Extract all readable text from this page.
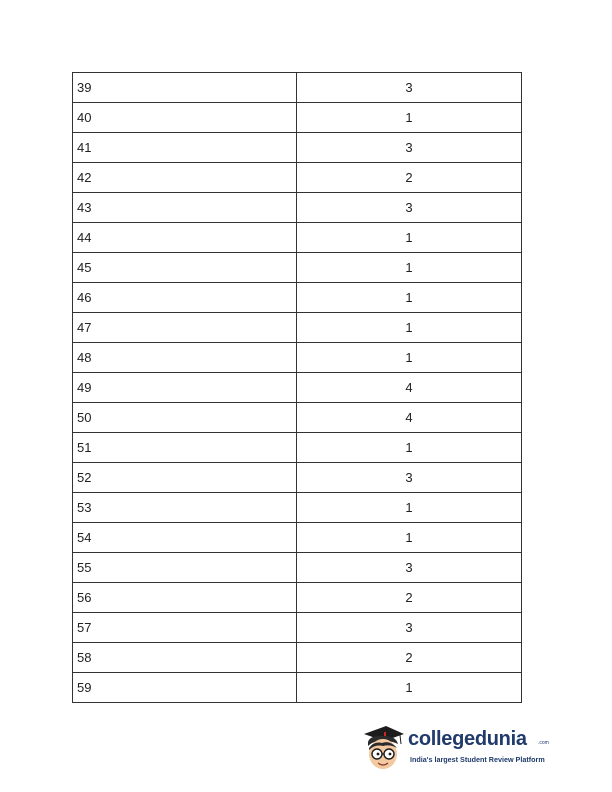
39	3
40	1
41	3
42	2
43	3
44	1
45	1
46	1
47	1
48	1
49	4
50	4
51	1
52	3
53	1
54	1
55	3
56	2
57	3
58	2
59	1
collegedunia .com
India's largest Student Review Platform
